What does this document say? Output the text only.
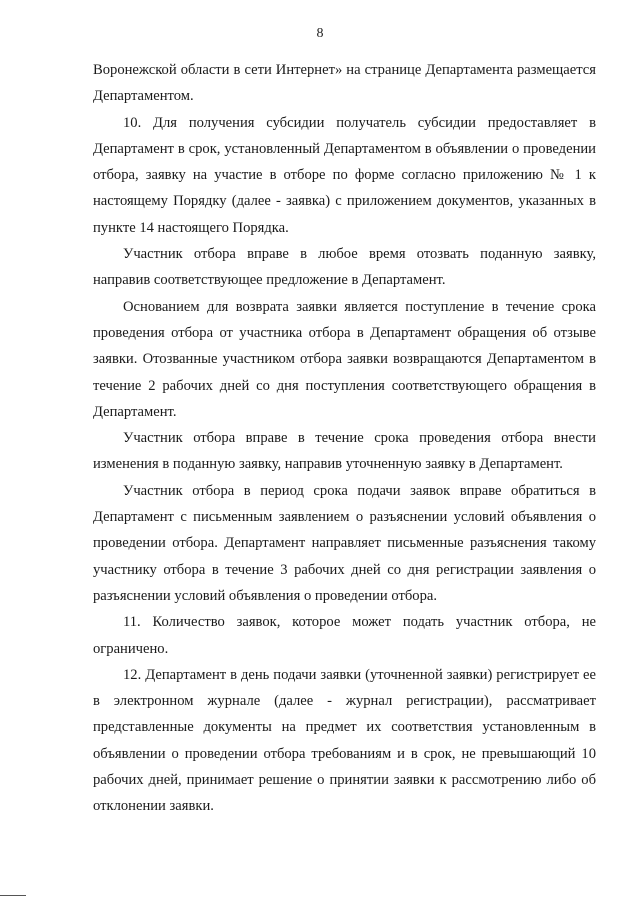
8

Воронежской области в сети Интернет» на странице Департамента размещается Департаментом.

10. Для получения субсидии получатель субсидии предоставляет в Департамент в срок, установленный Департаментом в объявлении о проведении отбора, заявку на участие в отборе по форме согласно приложению № 1 к настоящему Порядку (далее - заявка) с приложением документов, указанных в пункте 14 настоящего Порядка.

Участник отбора вправе в любое время отозвать поданную заявку, направив соответствующее предложение в Департамент.

Основанием для возврата заявки является поступление в течение срока проведения отбора от участника отбора в Департамент обращения об отзыве заявки. Отозванные участником отбора заявки возвращаются Департаментом в течение 2 рабочих дней со дня поступления соответствующего обращения в Департамент.

Участник отбора вправе в течение срока проведения отбора внести изменения в поданную заявку, направив уточненную заявку в Департамент.

Участник отбора в период срока подачи заявок вправе обратиться в Департамент с письменным заявлением о разъяснении условий объявления о проведении отбора. Департамент направляет письменные разъяснения такому участнику отбора в течение 3 рабочих дней со дня регистрации заявления о разъяснении условий объявления о проведении отбора.

11. Количество заявок, которое может подать участник отбора, не ограничено.

12. Департамент в день подачи заявки (уточненной заявки) регистрирует ее в электронном журнале (далее - журнал регистрации), рассматривает представленные документы на предмет их соответствия установленным в объявлении о проведении отбора требованиям и в срок, не превышающий 10 рабочих дней, принимает решение о принятии заявки к рассмотрению либо об отклонении заявки.
